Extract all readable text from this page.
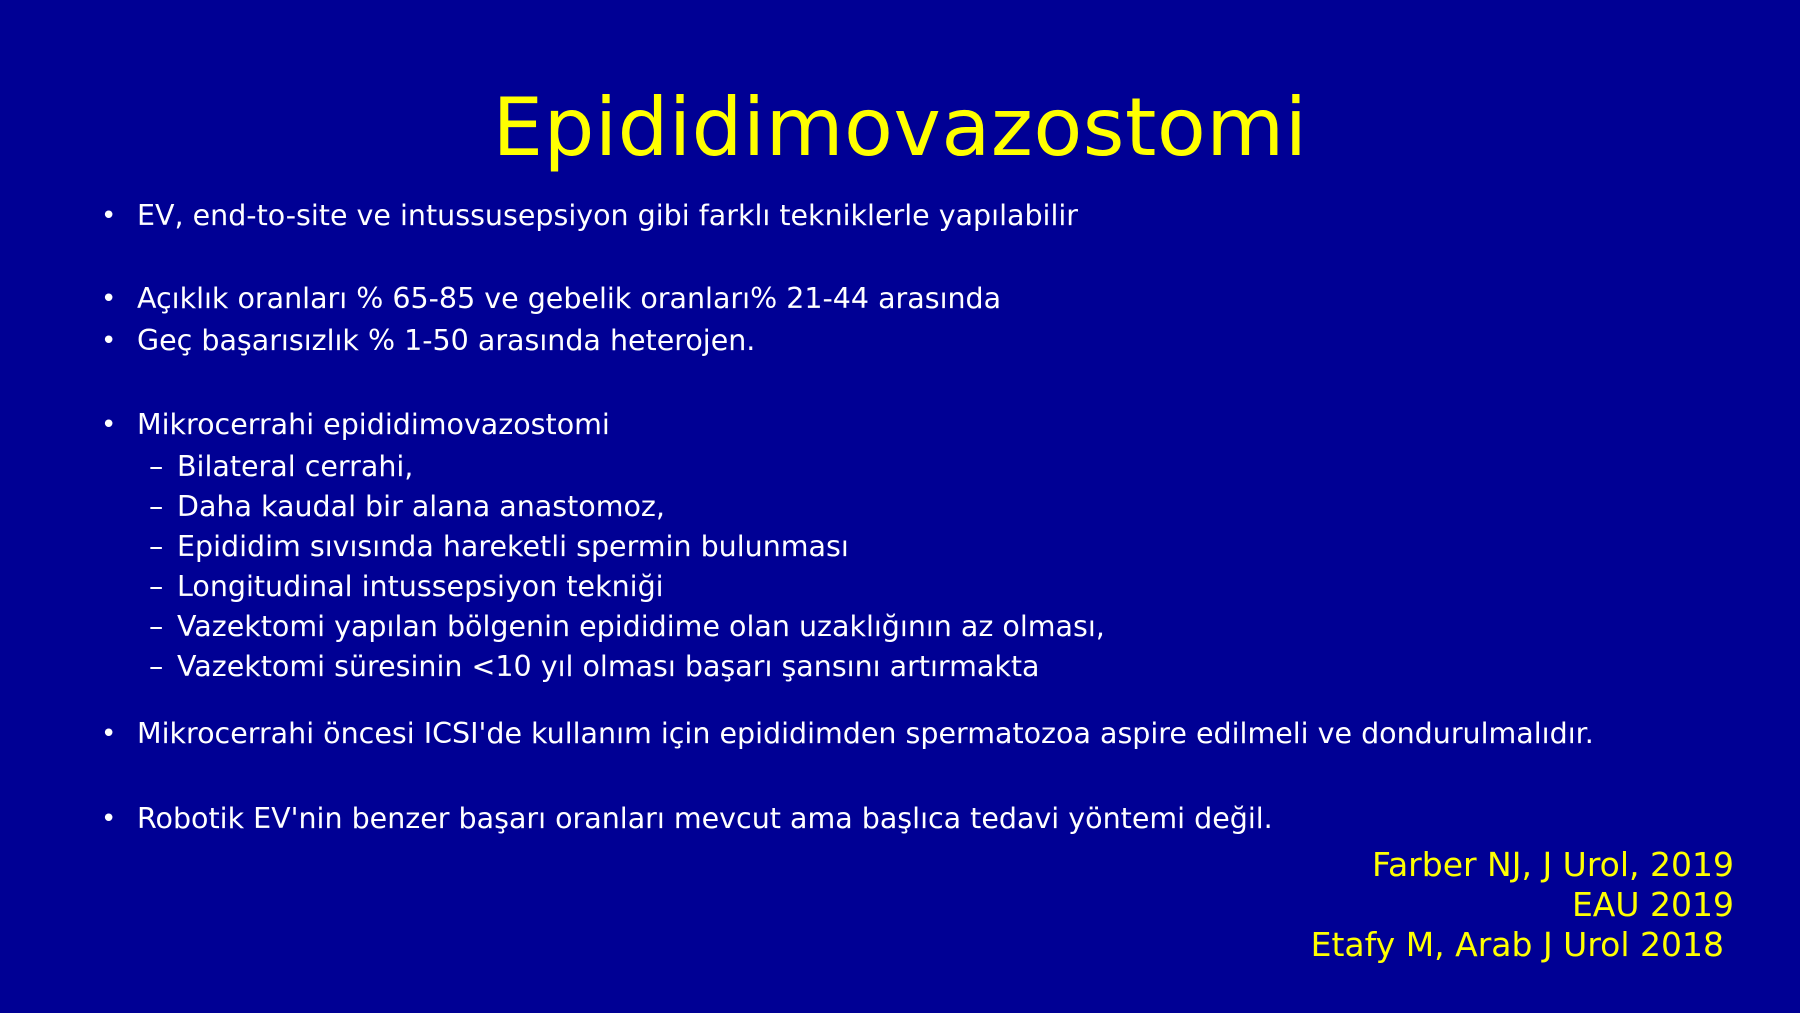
Epididimovazostomi
• EV, end-to-site ve intussusepsiyon gibi farklı tekniklerle yapılabilir
• Açıklık oranları % 65-85 ve gebelik oranları% 21-44 arasında
• Geç başarısızlık % 1-50 arasında heterojen.
• Mikrocerrahi epididimovazostomi
– Bilateral cerrahi,
– Daha kaudal bir alana anastomoz,
– Epididim sıvısında hareketli spermin bulunması
– Longitudinal intussepsiyon tekniği
– Vazektomi yapılan bölgenin epididime olan uzaklığının az olması,
– Vazektomi süresinin <10 yıl olması başarı şansını artırmakta
• Mikrocerrahi öncesi ICSI'de kullanım için epididimden spermatozoa aspire edilmeli ve dondurulmalıdır.
• Robotik EV'nin benzer başarı oranları mevcut ama başlıca tedavi yöntemi değil.
Farber NJ, J Urol, 2019
EAU 2019
Etafy M, Arab J Urol 2018
